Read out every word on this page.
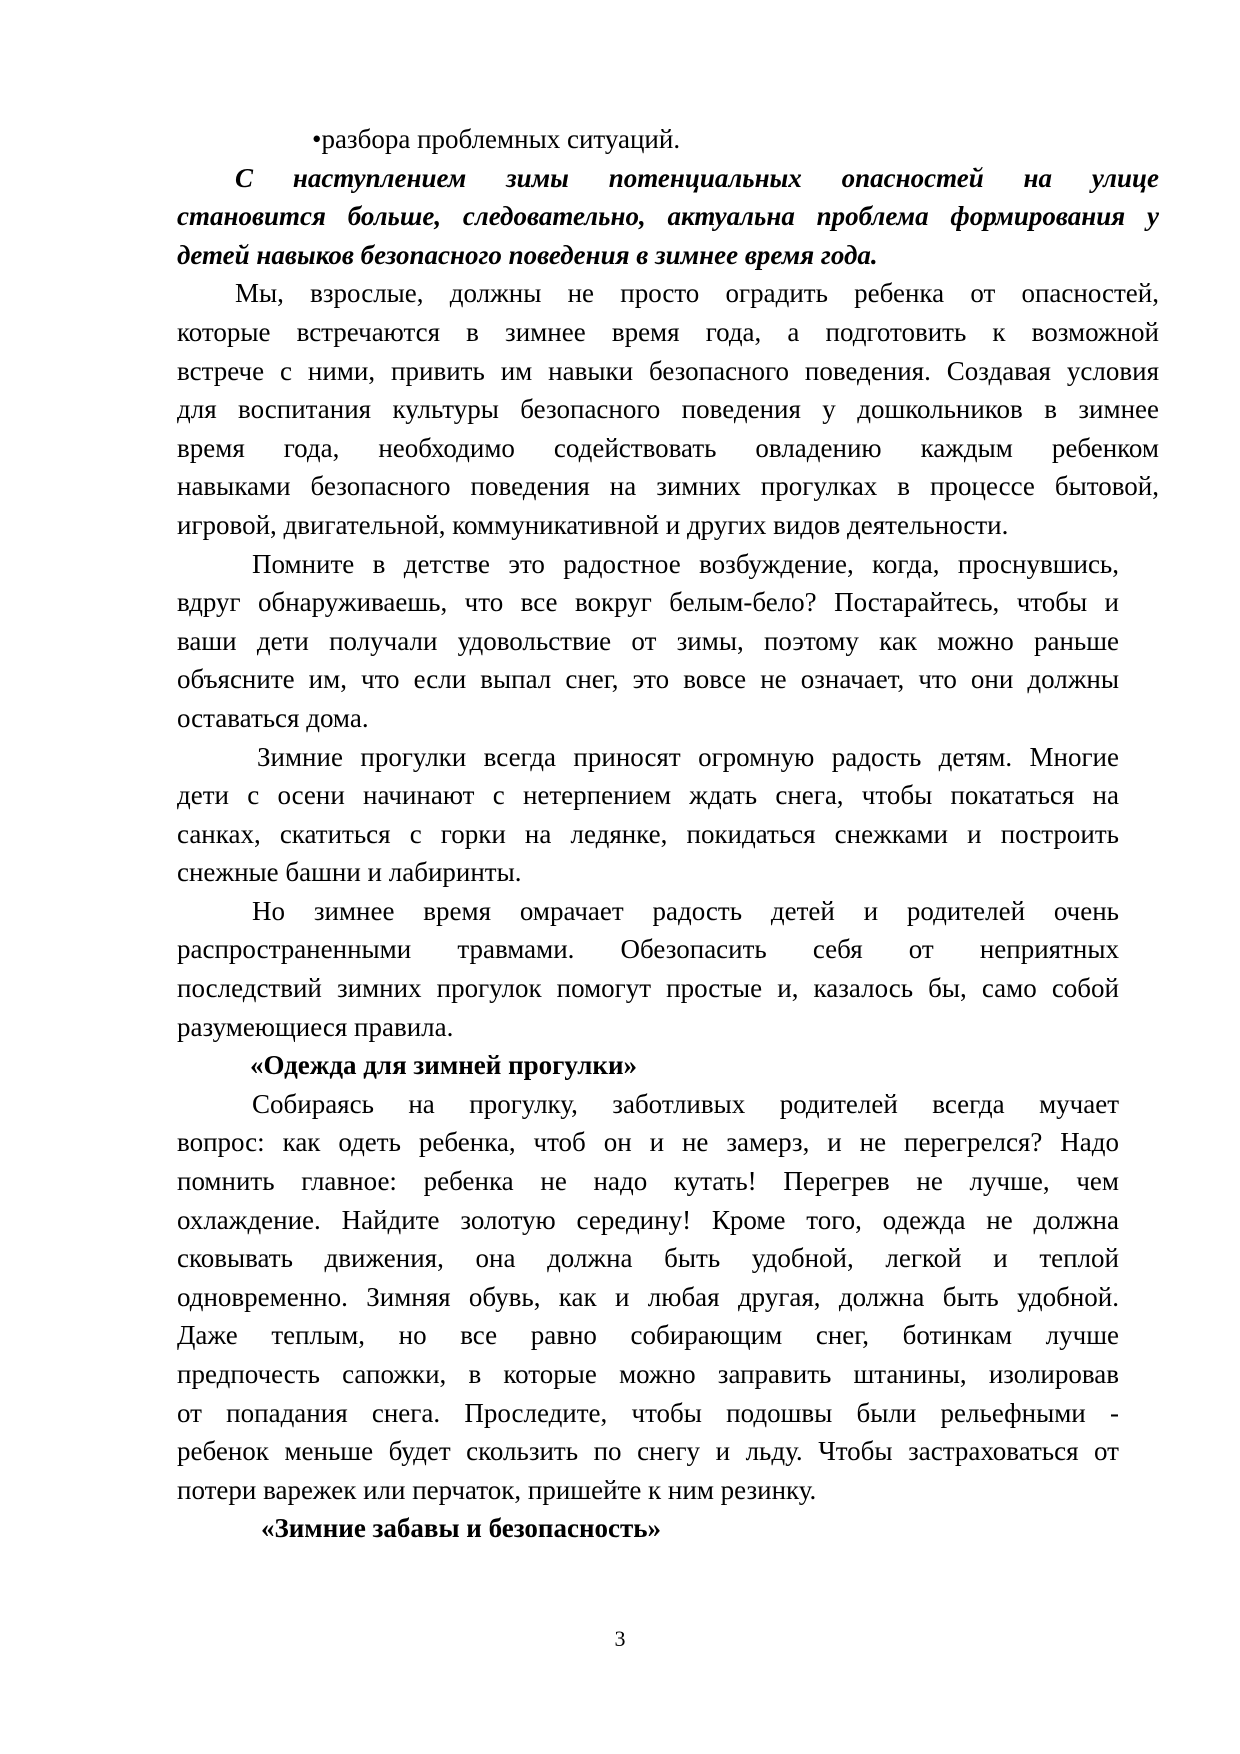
•разбора проблемных ситуаций.
С наступлением зимы потенциальных опасностей на улице
становится больше, следовательно, актуальна проблема формирования у
детей навыков безопасного поведения в зимнее время года.
Мы, взрослые, должны не просто оградить ребенка от опасностей,
которые встречаются в зимнее время года, а подготовить к возможной
встрече с ними, привить им навыки безопасного поведения. Создавая условия
для воспитания культуры безопасного поведения у дошкольников в зимнее
время года, необходимо содействовать овладению каждым ребенком
навыками безопасного поведения на зимних прогулках в процессе бытовой,
игровой, двигательной, коммуникативной и других видов деятельности.
Помните в детстве это радостное возбуждение, когда, проснувшись,
вдруг обнаруживаешь, что все вокруг белым-бело? Постарайтесь, чтобы и
ваши дети получали удовольствие от зимы, поэтому как можно раньше
объясните им, что если выпал снег, это вовсе не означает, что они должны
оставаться дома.
Зимние прогулки всегда приносят огромную радость детям. Многие
дети с осени начинают с нетерпением ждать снега, чтобы покататься на
санках, скатиться с горки на ледянке, покидаться снежками и построить
снежные башни и лабиринты.
Но зимнее время омрачает радость детей и родителей очень
распространенными травмами. Обезопасить себя от неприятных
последствий зимних прогулок помогут простые и, казалось бы, само собой
разумеющиеся правила.
«Одежда для зимней прогулки»
Собираясь на прогулку, заботливых родителей всегда мучает
вопрос: как одеть ребенка, чтоб он и не замерз, и не перегрелся? Надо
помнить главное: ребенка не надо кутать! Перегрев не лучше, чем
охлаждение. Найдите золотую середину! Кроме того, одежда не должна
сковывать движения, она должна быть удобной, легкой и теплой
одновременно. Зимняя обувь, как и любая другая, должна быть удобной.
Даже теплым, но все равно собирающим снег, ботинкам лучше
предпочесть сапожки, в которые можно заправить штанины, изолировав
от попадания снега. Проследите, чтобы подошвы были рельефными -
ребенок меньше будет скользить по снегу и льду. Чтобы застраховаться от
потери варежек или перчаток, пришейте к ним резинку.
«Зимние забавы и безопасность»
3
